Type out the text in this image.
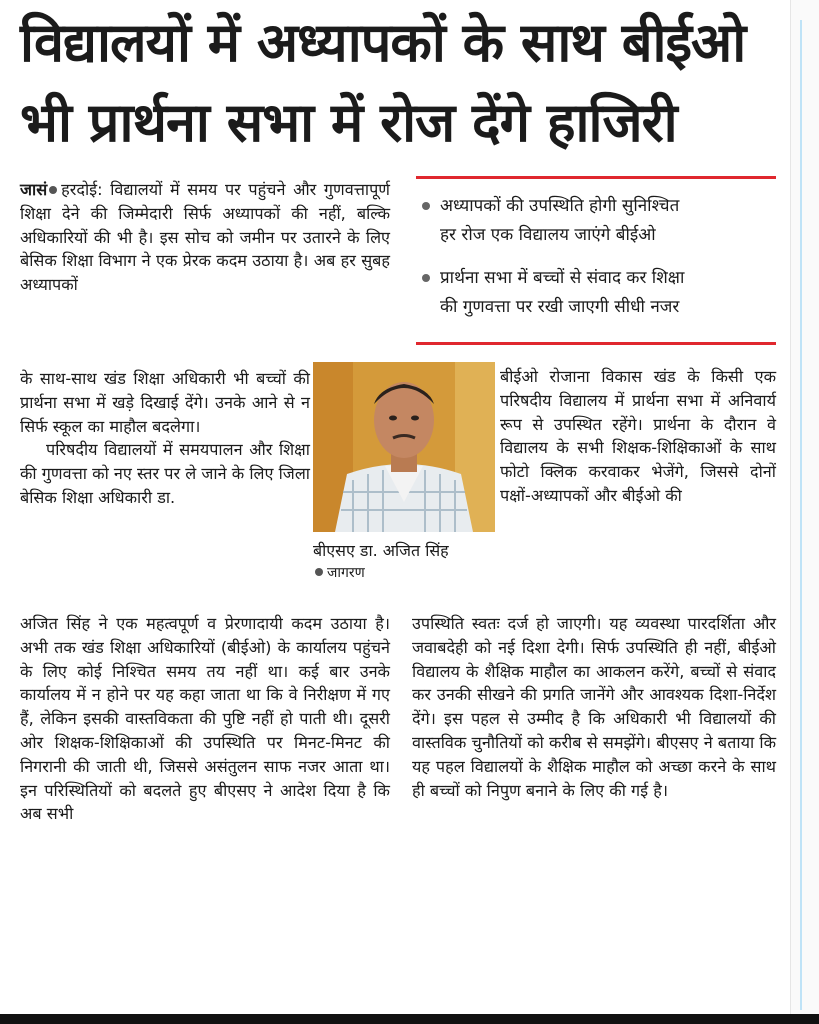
विद्यालयों में अध्यापकों के साथ बीईओ
भी प्रार्थना सभा में रोज देंगे हाजिरी
जासं हरदोई: विद्यालयों में समय पर पहुंचने और गुणवत्तापूर्ण शिक्षा देने की जिम्मेदारी सिर्फ अध्यापकों की नहीं, बल्कि अधिकारियों की भी है। इस सोच को जमीन पर उतारने के लिए बेसिक शिक्षा विभाग ने एक प्रेरक कदम उठाया है। अब हर सुबह अध्यापकों
के साथ-साथ खंड शिक्षा अधिकारी भी बच्चों की प्रार्थना सभा में खड़े दिखाई देंगे। उनके आने से न सिर्फ स्कूल का माहौल बदलेगा।
परिषदीय विद्यालयों में समयपालन और शिक्षा की गुणवत्ता को नए स्तर पर ले जाने के लिए जिला बेसिक शिक्षा अधिकारी डा.
अजित सिंह ने एक महत्वपूर्ण व प्रेरणादायी कदम उठाया है। अभी तक खंड शिक्षा अधिकारियों (बीईओ) के कार्यालय पहुंचने के लिए कोई निश्चित समय तय नहीं था। कई बार उनके कार्यालय में न होने पर यह कहा जाता था कि वे निरीक्षण में गए हैं, लेकिन इसकी वास्तविकता की पुष्टि नहीं हो पाती थी। दूसरी ओर शिक्षक-शिक्षिकाओं की उपस्थिति पर मिनट-मिनट की निगरानी की जाती थी, जिससे असंतुलन साफ नजर आता था। इन परिस्थितियों को बदलते हुए बीएसए ने आदेश दिया है कि अब सभी
अध्यापकों की उपस्थिति होगी सुनिश्चित
हर रोज एक विद्यालय जाएंगे बीईओ
प्रार्थना सभा में बच्चों से संवाद कर शिक्षा
की गुणवत्ता पर रखी जाएगी सीधी नजर
बीएसए डा. अजित सिंह
जागरण
बीईओ रोजाना विकास खंड के किसी एक परिषदीय विद्यालय में प्रार्थना सभा में अनिवार्य रूप से उपस्थित रहेंगे। प्रार्थना के दौरान वे विद्यालय के सभी शिक्षक-शिक्षिकाओं के साथ फोटो क्लिक करवाकर भेजेंगे, जिससे दोनों पक्षों-अध्यापकों और बीईओ की
उपस्थिति स्वतः दर्ज हो जाएगी। यह व्यवस्था पारदर्शिता और जवाबदेही को नई दिशा देगी। सिर्फ उपस्थिति ही नहीं, बीईओ विद्यालय के शैक्षिक माहौल का आकलन करेंगे, बच्चों से संवाद कर उनकी सीखने की प्रगति जानेंगे और आवश्यक दिशा-निर्देश देंगे। इस पहल से उम्मीद है कि अधिकारी भी विद्यालयों की वास्तविक चुनौतियों को करीब से समझेंगे। बीएसए ने बताया कि यह पहल विद्यालयों के शैक्षिक माहौल को अच्छा करने के साथ ही बच्चों को निपुण बनाने के लिए की गई है।
